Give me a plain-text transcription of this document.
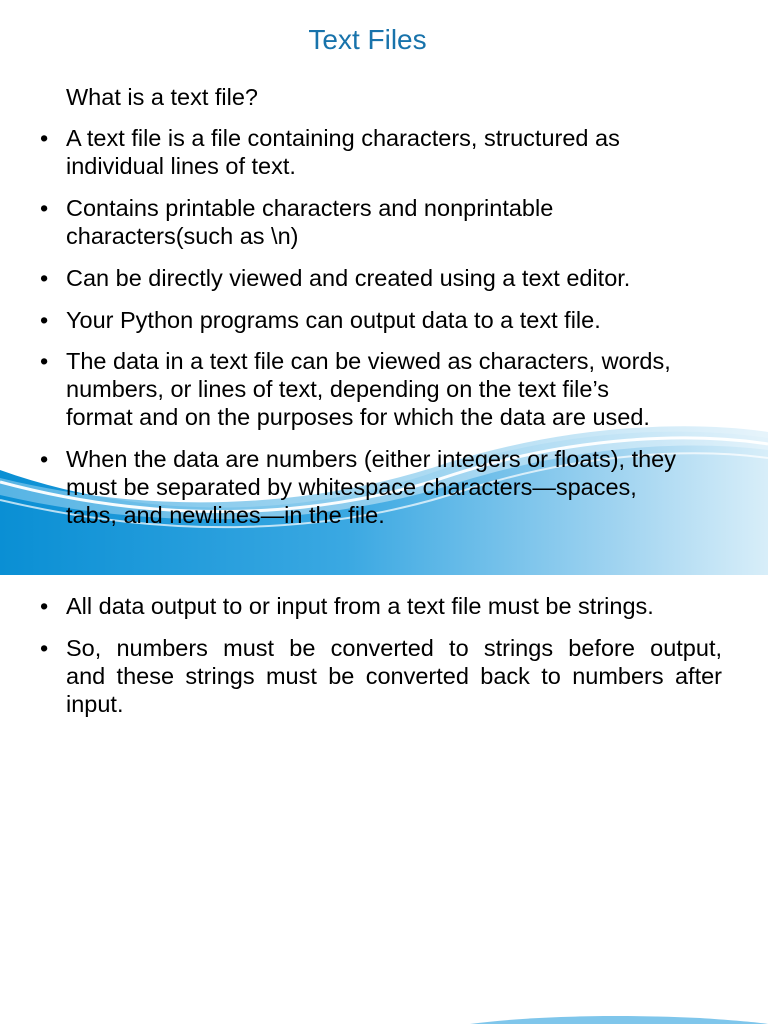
Text Files
What is a text file?
• A text file is a file containing characters, structured as
individual lines of text.
• Contains printable characters and nonprintable
characters(such as \n)
• Can be directly viewed and created using a text editor.
• Your Python programs can output data to a text file.
• The data in a text file can be viewed as characters, words,
numbers, or lines of text, depending on the text file’s
format and on the purposes for which the data are used.
• When the data are numbers (either integers or floats), they
must be separated by whitespace characters—spaces,
tabs, and newlines—in the file.
• All data output to or input from a text file must be strings.
• So, numbers must be converted to strings before output,
and these strings must be converted back to numbers after
input.
